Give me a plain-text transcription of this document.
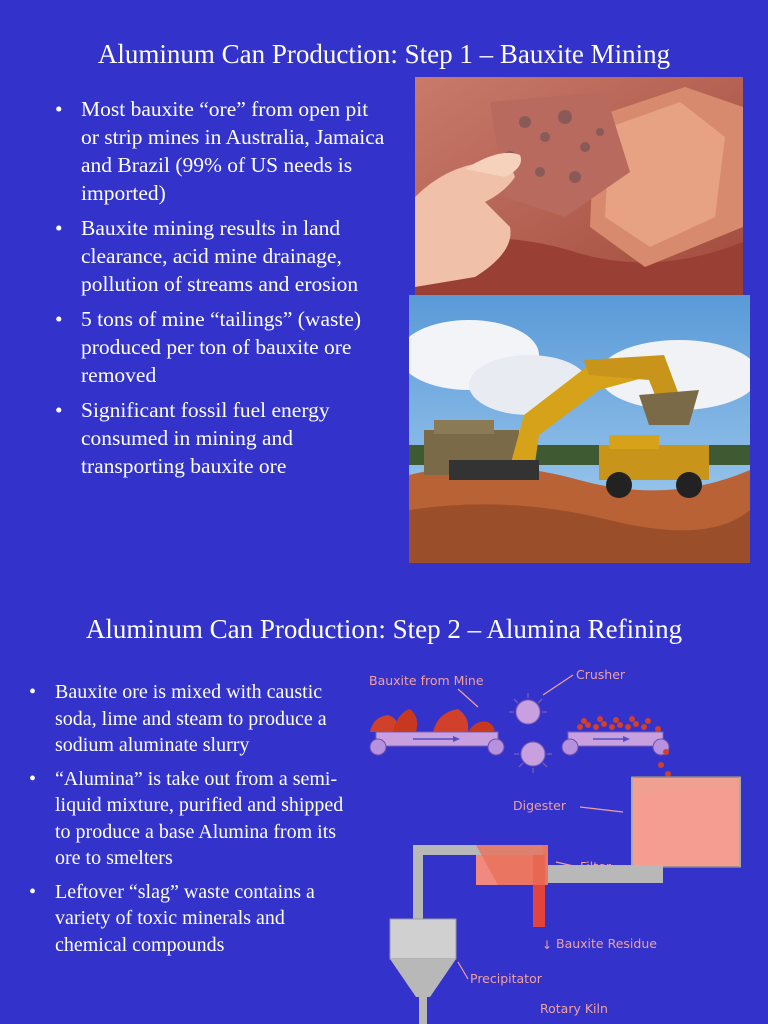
Aluminum Can Production: Step 1 – Bauxite Mining
• Most bauxite “ore” from open pit or strip mines in Australia, Jamaica and Brazil (99% of US needs is imported)
• Bauxite mining results in land clearance, acid mine drainage, pollution of streams and erosion
• 5 tons of mine “tailings” (waste) produced per ton of bauxite ore removed
• Significant fossil fuel energy consumed in mining and transporting bauxite ore
Aluminum Can Production: Step 2 – Alumina Refining
• Bauxite ore is mixed with caustic soda, lime and steam to produce a sodium aluminate slurry
• “Alumina” is take out from a semi-liquid mixture, purified and shipped to produce a base Alumina from its ore to smelters
• Leftover “slag” waste contains a variety of toxic minerals and chemical compounds
Bauxite from Mine	Crusher
Digester
Bauxite Residue
Precipitator
Rotary Kiln
↓
